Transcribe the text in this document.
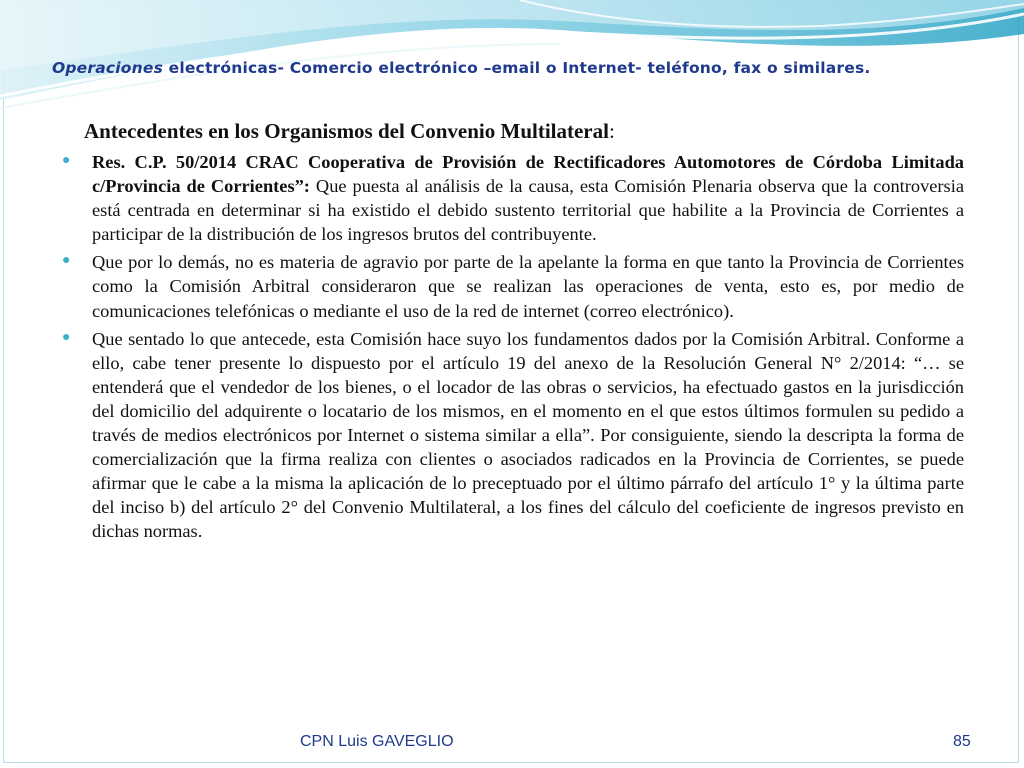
Operaciones electrónicas- Comercio electrónico –email o Internet- teléfono, fax o similares.
Antecedentes en los Organismos del Convenio Multilateral:
●	Res. C.P. 50/2014 CRAC Cooperativa de Provisión de Rectificadores Automotores de Córdoba Limitada c/Provincia de Corrientes”: Que puesta al análisis de la causa, esta Comisión Plenaria observa que la controversia está centrada en determinar si ha existido el debido sustento territorial que habilite a la Provincia de Corrientes a participar de la distribución de los ingresos brutos del contribuyente.
●	Que por lo demás, no es materia de agravio por parte de la apelante la forma en que tanto la Provincia de Corrientes como la Comisión Arbitral consideraron que se realizan las operaciones de venta, esto es, por medio de comunicaciones telefónicas o mediante el uso de la red de internet (correo electrónico).
●	Que sentado lo que antecede, esta Comisión hace suyo los fundamentos dados por la Comisión Arbitral. Conforme a ello, cabe tener presente lo dispuesto por el artículo 19 del anexo de la Resolución General N° 2/2014: “… se entenderá que el vendedor de los bienes, o el locador de las obras o servicios, ha efectuado gastos en la jurisdicción del domicilio del adquirente o locatario de los mismos, en el momento en el que estos últimos formulen su pedido a través de medios electrónicos por Internet o sistema similar a ella”. Por consiguiente, siendo la descripta la forma de comercialización que la firma realiza con clientes o asociados radicados en la Provincia de Corrientes, se puede afirmar que le cabe a la misma la aplicación de lo preceptuado por el último párrafo del artículo 1° y la última parte del inciso b) del artículo 2° del Convenio Multilateral, a los fines del cálculo del coeficiente de ingresos previsto en dichas normas.
CPN Luis GAVEGLIO	85
